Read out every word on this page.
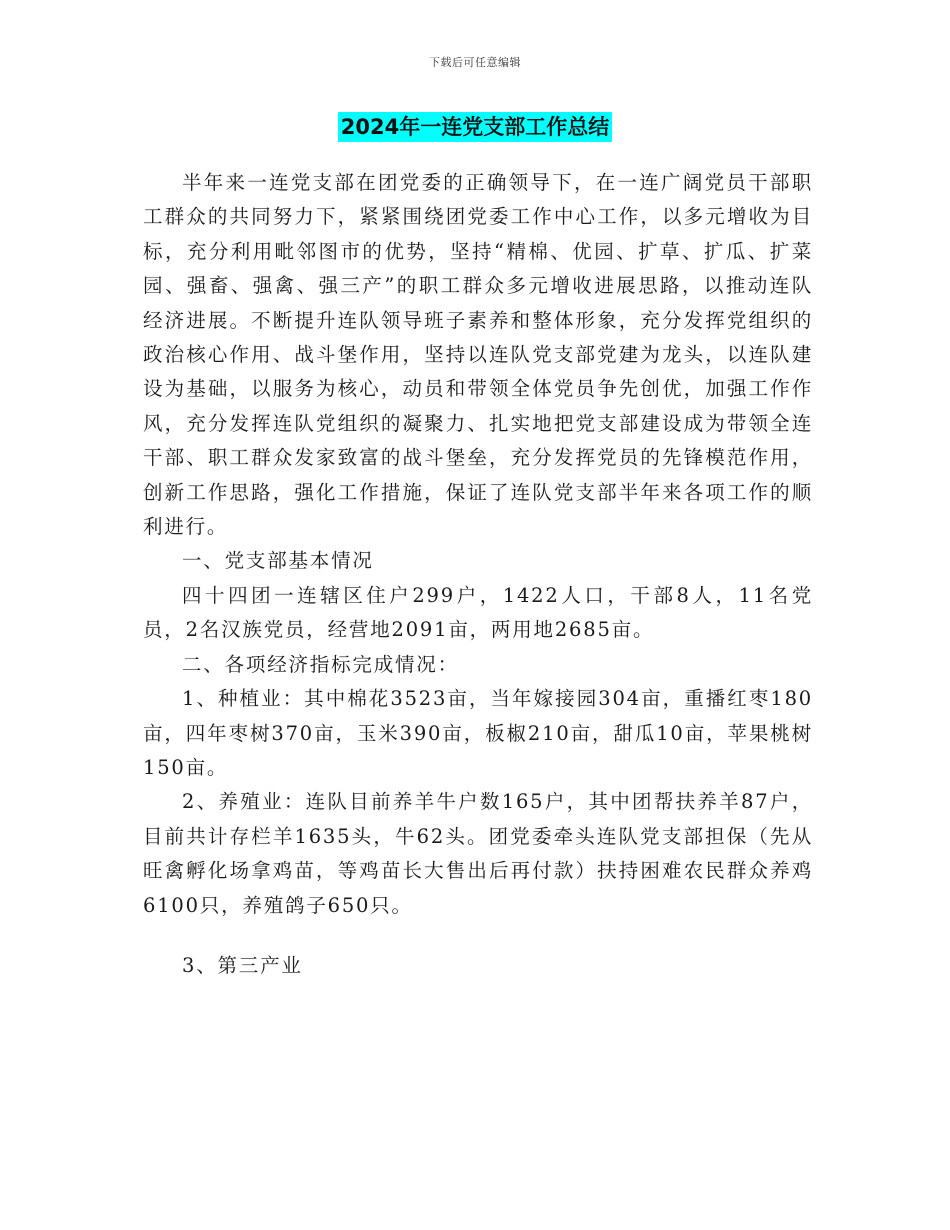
下载后可任意编辑
2024年一连党支部工作总结

半年来一连党支部在团党委的正确领导下，在一连广阔党员干部职工群众的共同努力下，紧紧围绕团党委工作中心工作，以多元增收为目标，充分利用毗邻图市的优势，坚持“精棉、优园、扩草、扩瓜、扩菜园、强畜、强禽、强三产”的职工群众多元增收进展思路，以推动连队经济进展。不断提升连队领导班子素养和整体形象，充分发挥党组织的政治核心作用、战斗堡作用，坚持以连队党支部党建为龙头，以连队建设为基础，以服务为核心，动员和带领全体党员争先创优，加强工作作风，充分发挥连队党组织的凝聚力、扎实地把党支部建设成为带领全连干部、职工群众发家致富的战斗堡垒，充分发挥党员的先锋模范作用，创新工作思路，强化工作措施，保证了连队党支部半年来各项工作的顺利进行。

一、党支部基本情况

四十四团一连辖区住户299户，1422人口，干部8人，11名党员，2名汉族党员，经营地2091亩，两用地2685亩。

二、各项经济指标完成情况：

1、种植业：其中棉花3523亩，当年嫁接园304亩，重播红枣180亩，四年枣树370亩，玉米390亩，板椒210亩，甜瓜10亩，苹果桃树150亩。

2、养殖业：连队目前养羊牛户数165户，其中团帮扶养羊87户，目前共计存栏羊1635头，牛62头。团党委牵头连队党支部担保（先从旺禽孵化场拿鸡苗，等鸡苗长大售出后再付款）扶持困难农民群众养鸡6100只，养殖鸽子650只。

3、第三产业
